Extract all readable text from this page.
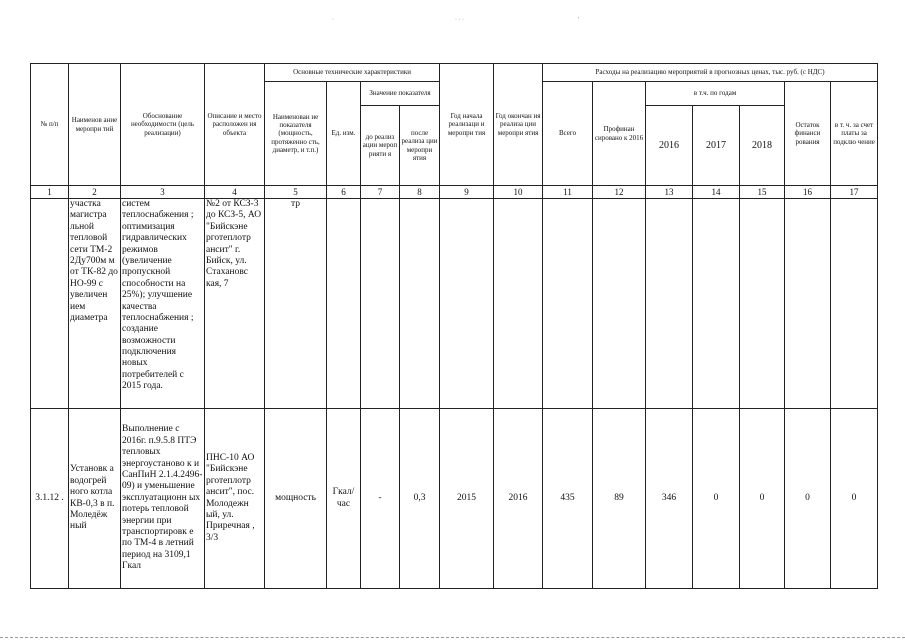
·	· · ·	'
№ п/п	Наименов ание меропри тий	Обоснование необходимости (цель реализации)	Описание и место расположен ия объекта	Основные технические характеристики				Год начала реализаци и меропри тия	Год окончан ия реализа ции меропри ятия	Расходы на реализацию мероприятий в прогнозных ценах, тыс. руб. (с НДС)						
				Наименован ие показателя (мощность, протяженно сть, диаметр, и т.п.)	Ед. изм.	Значение показателя				Всего	Профинан сировано к 2016	в т.ч. по годам			Остаток финанси рования	в т. ч. за счет платы за подклю чение
						до реализ ации мероп рияти я	после реализа ции меропри ятия					2016	2017	2018		

1	2	3	4	5	6	7	8	9	10	11	12	13	14	15	16	17
	участка магистра льной тепловой сети ТМ-2 2Ду700м м от ТК-82 до НО-99 с увеличен ием диаметра	систем теплоснабжения ; оптимизация гидравлических режимов (увеличение пропускной способности на 25%); улучшение качества теплоснабжения ; создание возможности подключения новых потребителей с 2015 года.	№2 от КСЗ-3 до КСЗ-5, АО "Бийскэне рготеплотр ансит" г. Бийск, ул. Стахановс кая, 7	тр												
3.1.12 .	Установк а водогрей ного котла КВ-0,3 в п. Моледёж ный	Выполнение с 2016г. п.9.5.8 ПТЭ тепловых энергоустаново к и СанПиН 2.1.4.2496-09) и уменьшение эксплуатационн ых потерь тепловой энергии при транспортировк е по ТМ-4 в летний период на 3109,1 Гкал	ПНС-10 АО "Бийскэне рготеплотр ансит", пос. Молодежн ый, ул. Приречная , 3/3	мощность	Гкал/ час	-	0,3	2015	2016	435	89	346	0	0	0	0
